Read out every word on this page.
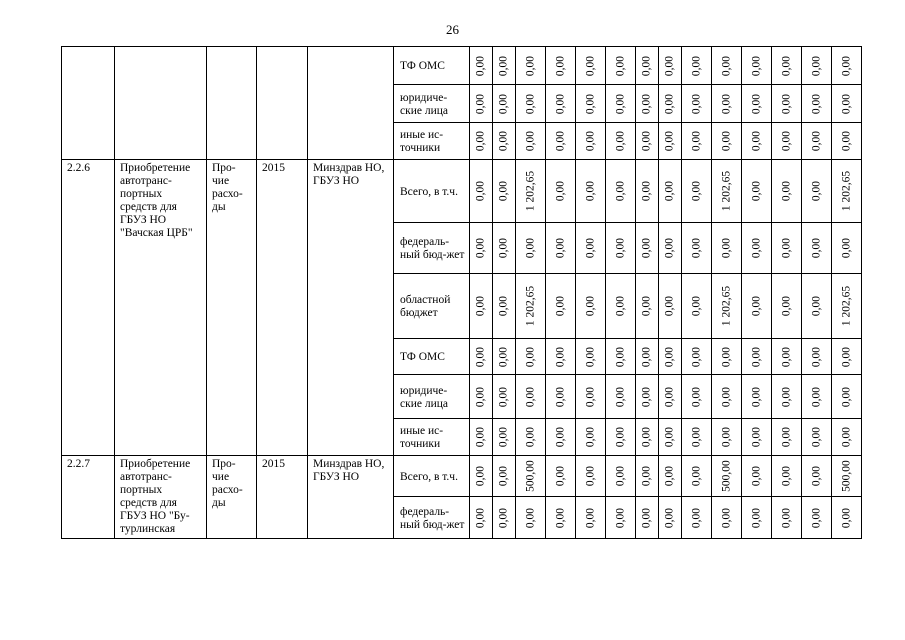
26
					ТФ ОМС	0,00	0,00	0,00	0,00	0,00	0,00	0,00	0,00	0,00	0,00	0,00	0,00	0,00	0,00

					юридиче-ские лица	0,00	0,00	0,00	0,00	0,00	0,00	0,00	0,00	0,00	0,00	0,00	0,00	0,00	0,00

					иные ис-точники	0,00	0,00	0,00	0,00	0,00	0,00	0,00	0,00	0,00	0,00	0,00	0,00	0,00	0,00

2.2.6	Приобретение автотранс-портных средств для ГБУЗ НО "Вачская ЦРБ"	Про-чие расхо-ды	2015	Минздрав НО, ГБУЗ НО	Всего, в т.ч.	0,00	0,00	1 202,65	0,00	0,00	0,00	0,00	0,00	0,00	1 202,65	0,00	0,00	0,00	1 202,65

					федераль-ный бюд-жет	0,00	0,00	0,00	0,00	0,00	0,00	0,00	0,00	0,00	0,00	0,00	0,00	0,00	0,00

					областной бюджет	0,00	0,00	1 202,65	0,00	0,00	0,00	0,00	0,00	0,00	1 202,65	0,00	0,00	0,00	1 202,65

					ТФ ОМС	0,00	0,00	0,00	0,00	0,00	0,00	0,00	0,00	0,00	0,00	0,00	0,00	0,00	0,00

					юридиче-ские лица	0,00	0,00	0,00	0,00	0,00	0,00	0,00	0,00	0,00	0,00	0,00	0,00	0,00	0,00

					иные ис-точники	0,00	0,00	0,00	0,00	0,00	0,00	0,00	0,00	0,00	0,00	0,00	0,00	0,00	0,00

2.2.7	Приобретение автотранс-портных средств для ГБУЗ НО "Бу-турлинская	Про-чие расхо-ды	2015	Минздрав НО, ГБУЗ НО	Всего, в т.ч.	0,00	0,00	500,00	0,00	0,00	0,00	0,00	0,00	0,00	500,00	0,00	0,00	0,00	500,00

					федераль-ный бюд-жет	0,00	0,00	0,00	0,00	0,00	0,00	0,00	0,00	0,00	0,00	0,00	0,00	0,00	0,00
